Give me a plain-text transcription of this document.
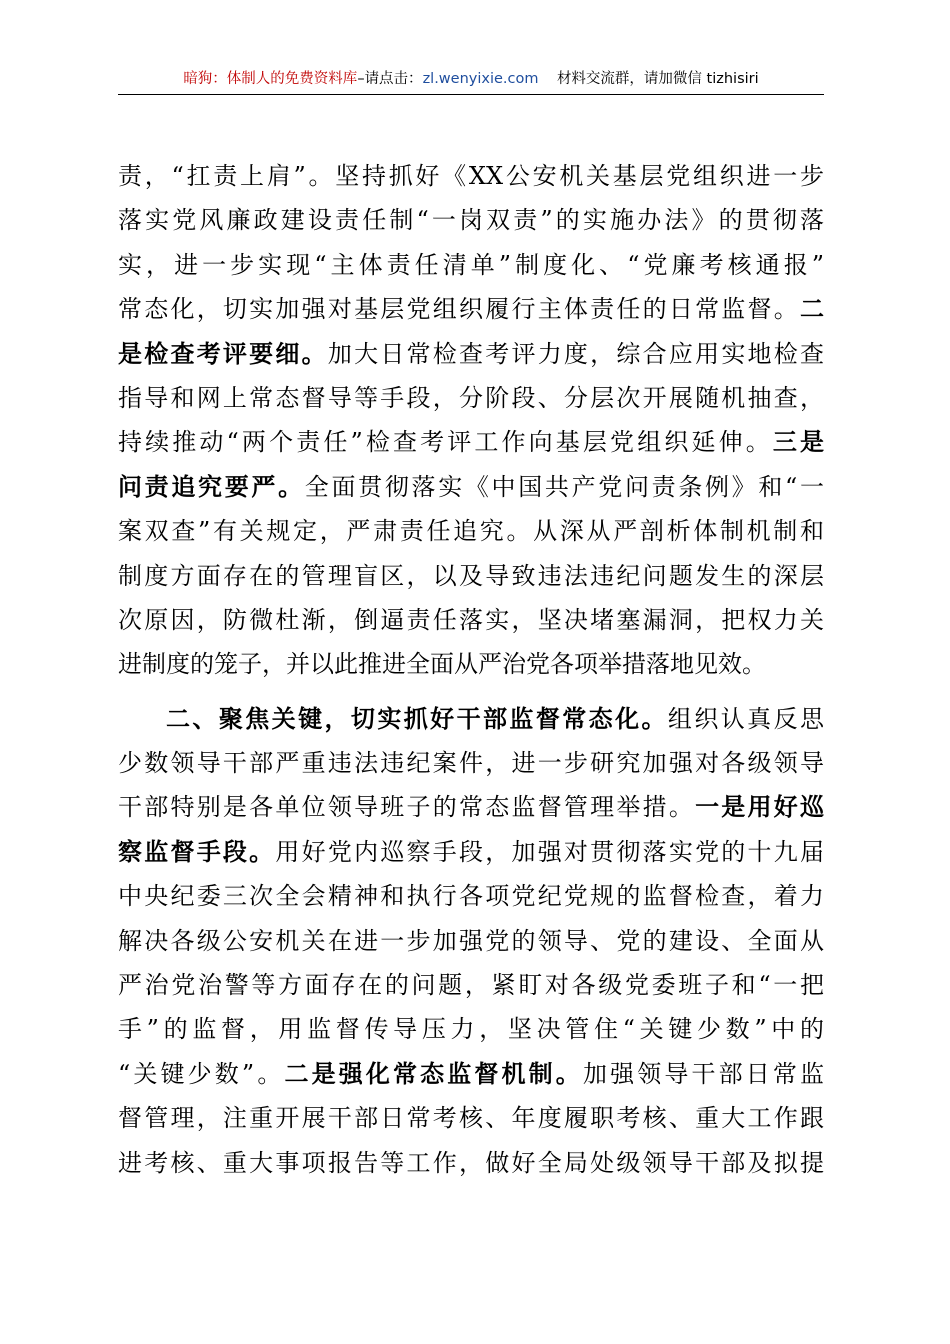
暗狗：体制人的免费资料库–请点击：zl.wenyixie.com 材料交流群，请加微信 tizhisiri
责，“扛责上肩”。坚持抓好《XX公安机关基层党组织进一步
落实党风廉政建设责任制“一岗双责”的实施办法》的贯彻落
实，进一步实现“主体责任清单”制度化、“党廉考核通报”
常态化，切实加强对基层党组织履行主体责任的日常监督。二
是检查考评要细。加大日常检查考评力度，综合应用实地检查
指导和网上常态督导等手段，分阶段、分层次开展随机抽查，
持续推动“两个责任”检查考评工作向基层党组织延伸。三是
问责追究要严。全面贯彻落实《中国共产党问责条例》和“一
案双查”有关规定，严肃责任追究。从深从严剖析体制机制和
制度方面存在的管理盲区，以及导致违法违纪问题发生的深层
次原因，防微杜渐，倒逼责任落实，坚决堵塞漏洞，把权力关
进制度的笼子，并以此推进全面从严治党各项举措落地见效。
二、聚焦关键，切实抓好干部监督常态化。组织认真反思
少数领导干部严重违法违纪案件，进一步研究加强对各级领导
干部特别是各单位领导班子的常态监督管理举措。一是用好巡
察监督手段。用好党内巡察手段，加强对贯彻落实党的十九届
中央纪委三次全会精神和执行各项党纪党规的监督检查，着力
解决各级公安机关在进一步加强党的领导、党的建设、全面从
严治党治警等方面存在的问题，紧盯对各级党委班子和“一把
手”的监督，用监督传导压力，坚决管住“关键少数”中的
“关键少数”。二是强化常态监督机制。加强领导干部日常监
督管理，注重开展干部日常考核、年度履职考核、重大工作跟
进考核、重大事项报告等工作，做好全局处级领导干部及拟提
